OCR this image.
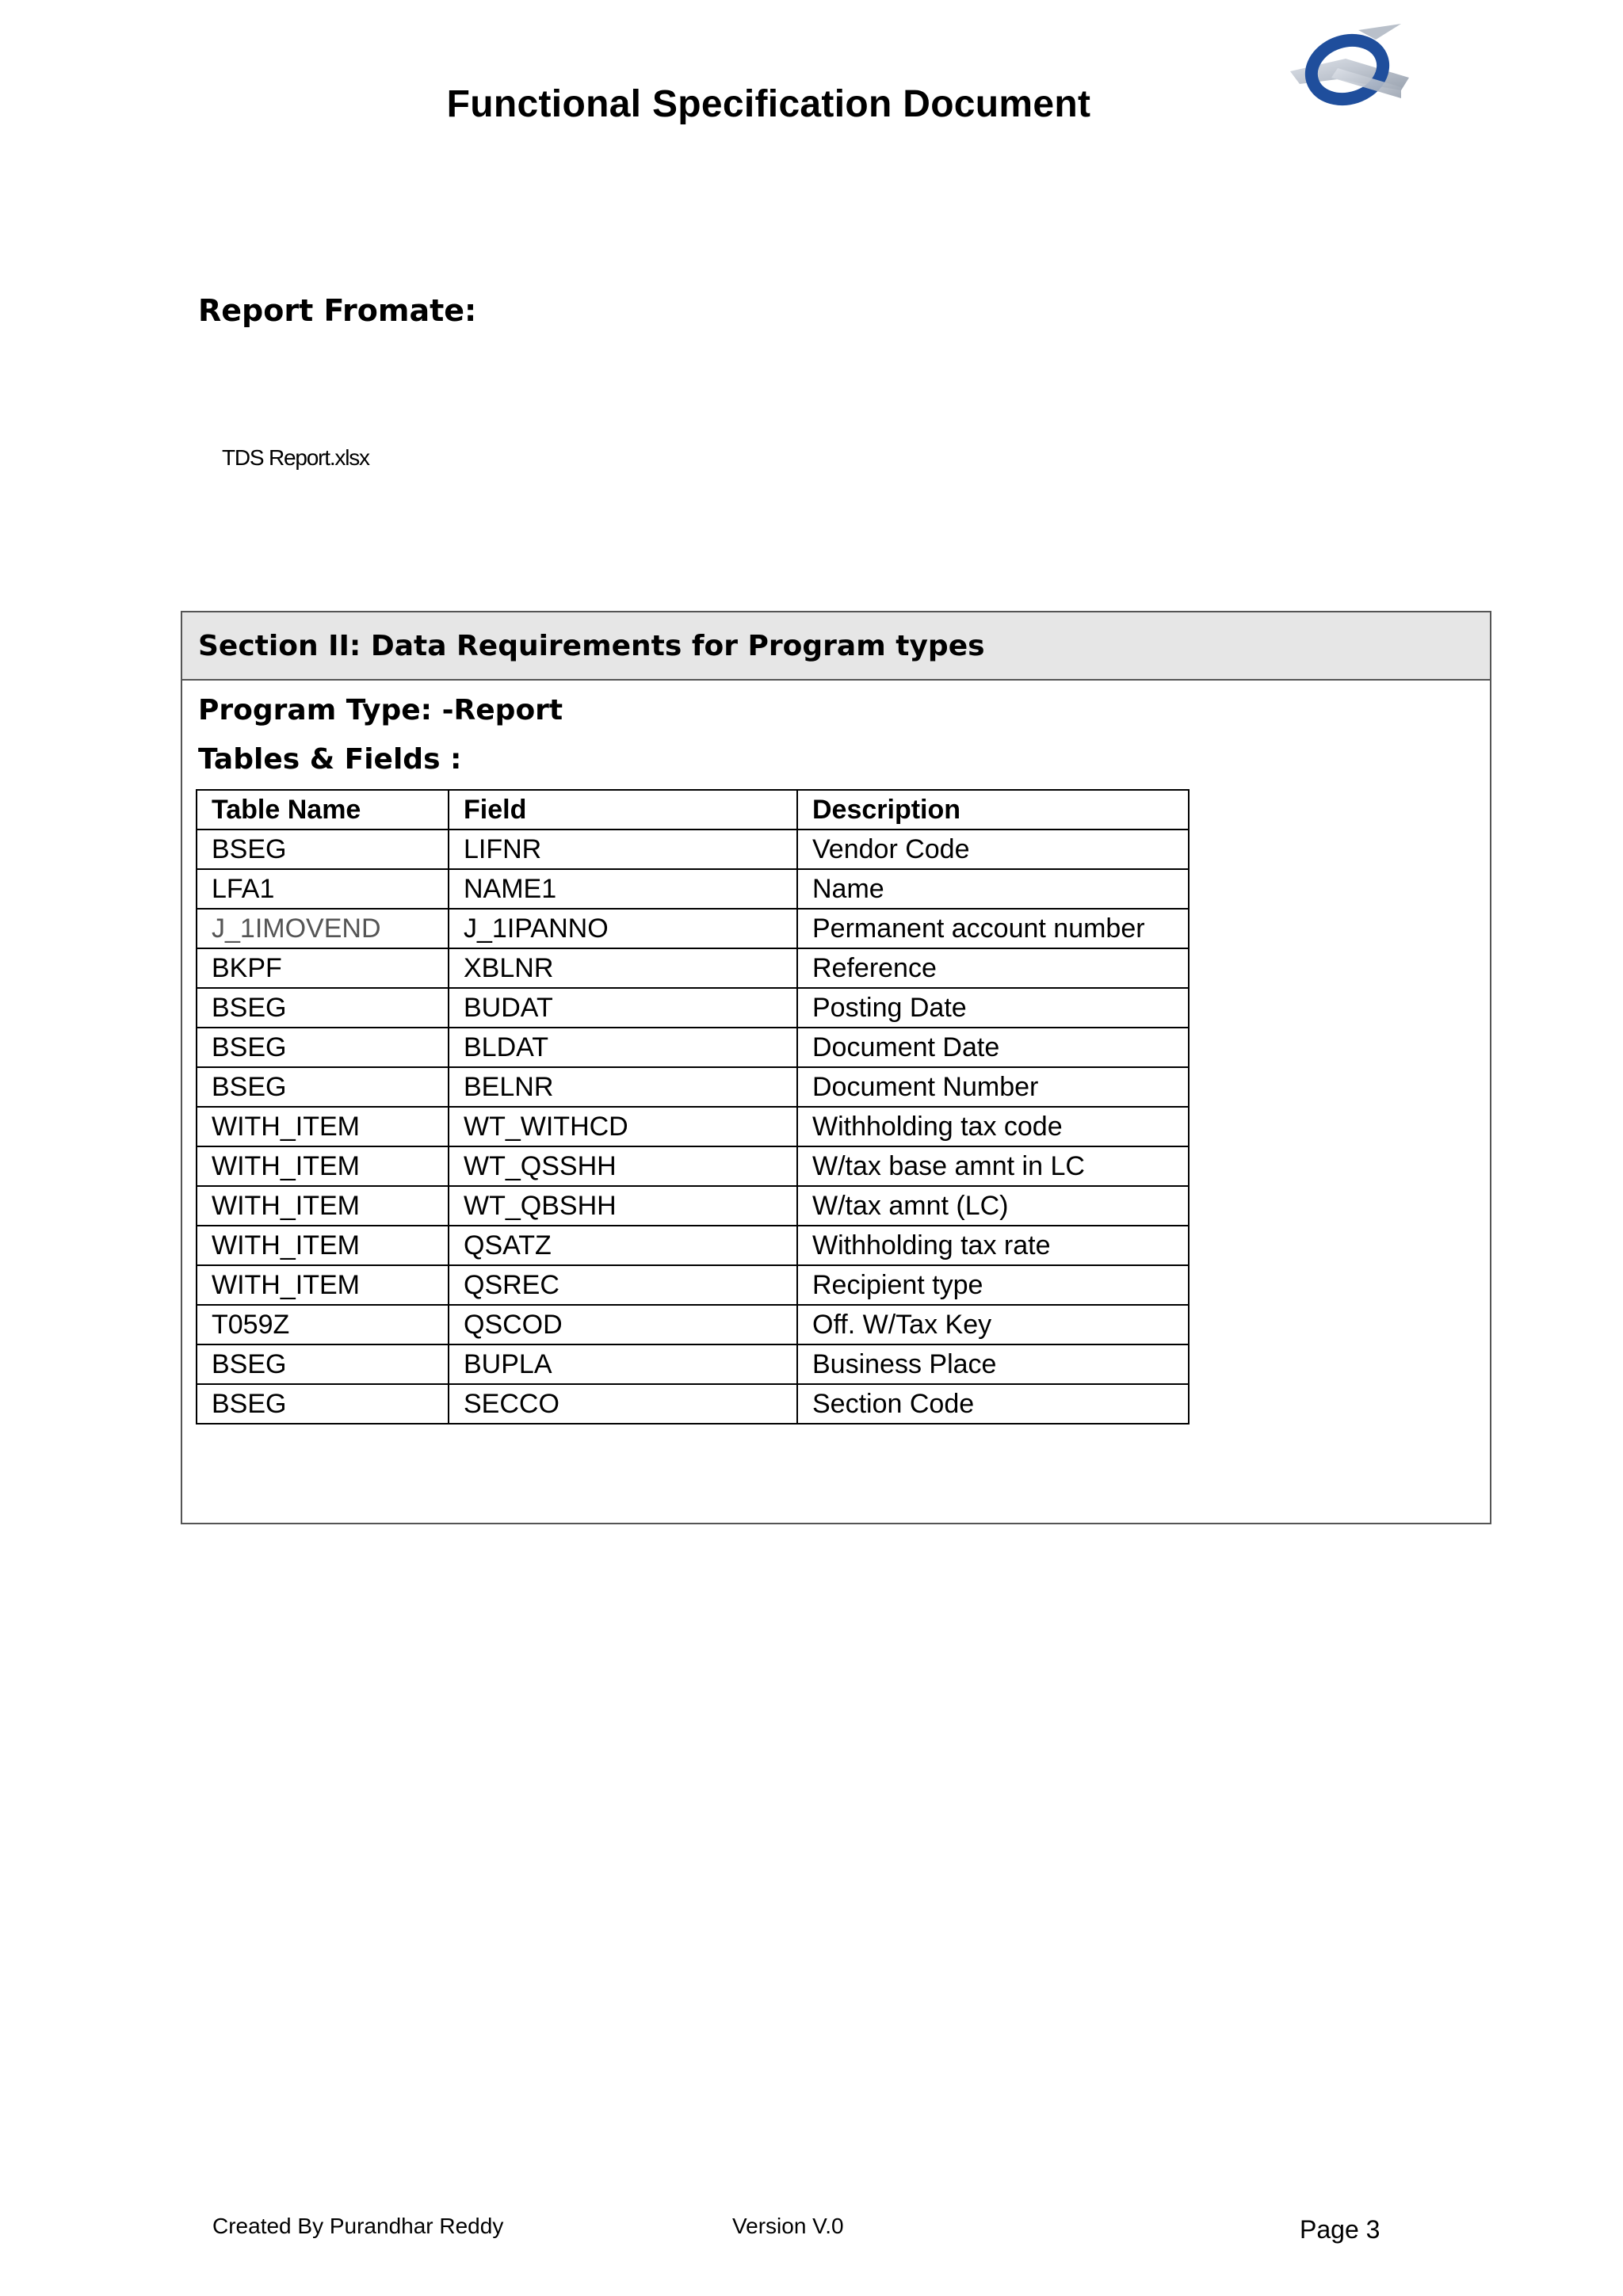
Functional Specification Document
Report Fromate:
TDS Report.xlsx
Section II: Data Requirements for Program types
Program Type: -Report
Tables & Fields :
Table Name	Field	Description
BSEG	LIFNR	Vendor Code
LFA1	NAME1	Name
J_1IMOVEND	J_1IPANNO	Permanent account number
BKPF	XBLNR	Reference
BSEG	BUDAT	Posting Date
BSEG	BLDAT	Document Date
BSEG	BELNR	Document Number
WITH_ITEM	WT_WITHCD	Withholding tax code
WITH_ITEM	WT_QSSHH	W/tax base amnt in LC
WITH_ITEM	WT_QBSHH	W/tax amnt (LC)
WITH_ITEM	QSATZ	Withholding tax rate
WITH_ITEM	QSREC	Recipient type
T059Z	QSCOD	Off. W/Tax Key
BSEG	BUPLA	Business Place
BSEG	SECCO	Section Code
Created By Purandhar Reddy	Version V.0	Page 3
